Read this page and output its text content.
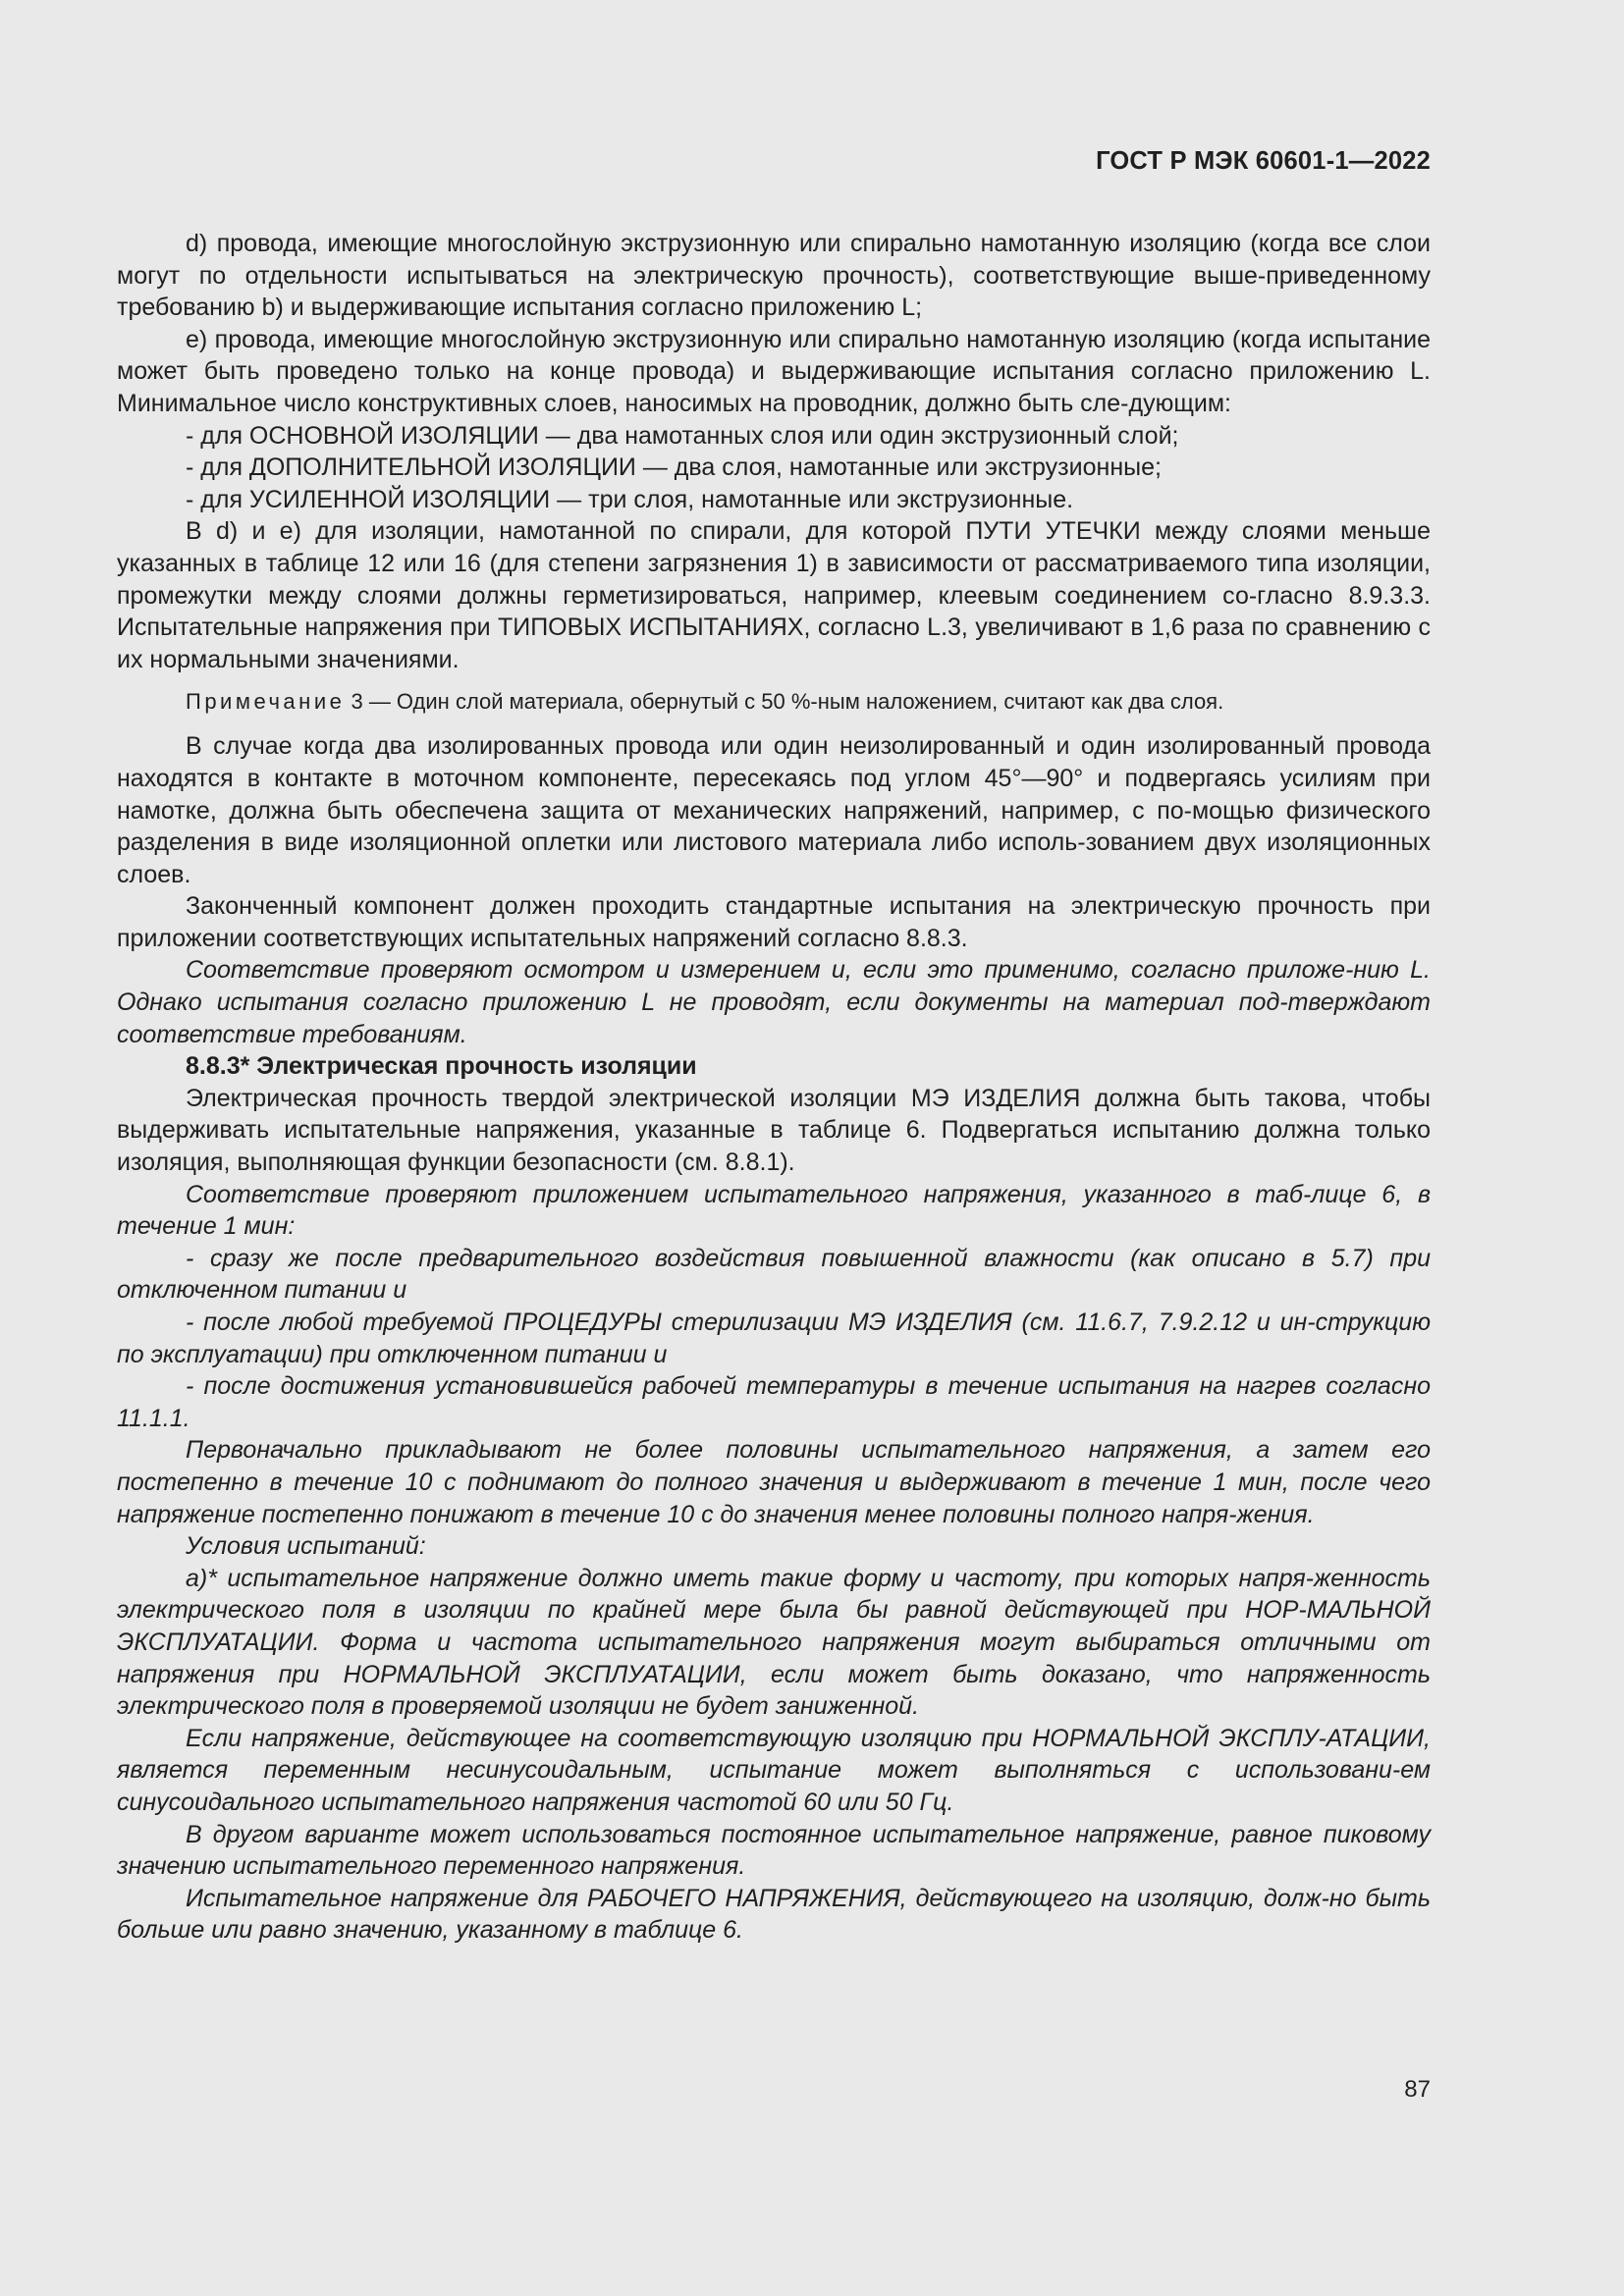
ГОСТ Р МЭК 60601-1—2022

d) провода, имеющие многослойную экструзионную или спирально намотанную изоляцию (когда все слои могут по отдельности испытываться на электрическую прочность), соответствующие выше-приведенному требованию b) и выдерживающие испытания согласно приложению L;

e) провода, имеющие многослойную экструзионную или спирально намотанную изоляцию (когда испытание может быть проведено только на конце провода) и выдерживающие испытания согласно приложению L. Минимальное число конструктивных слоев, наносимых на проводник, должно быть сле-дующим:

- для ОСНОВНОЙ ИЗОЛЯЦИИ — два намотанных слоя или один экструзионный слой;

- для ДОПОЛНИТЕЛЬНОЙ ИЗОЛЯЦИИ — два слоя, намотанные или экструзионные;

- для УСИЛЕННОЙ ИЗОЛЯЦИИ — три слоя, намотанные или экструзионные.

В d) и е) для изоляции, намотанной по спирали, для которой ПУТИ УТЕЧКИ между слоями меньше указанных в таблице 12 или 16 (для степени загрязнения 1) в зависимости от рассматриваемого типа изоляции, промежутки между слоями должны герметизироваться, например, клеевым соединением со-гласно 8.9.3.3. Испытательные напряжения при ТИПОВЫХ ИСПЫТАНИЯХ, согласно L.3, увеличивают в 1,6 раза по сравнению с их нормальными значениями.

Примечание 3 — Один слой материала, обернутый с 50 %-ным наложением, считают как два слоя.

В случае когда два изолированных провода или один неизолированный и один изолированный провода находятся в контакте в моточном компоненте, пересекаясь под углом 45°—90° и подвергаясь усилиям при намотке, должна быть обеспечена защита от механических напряжений, например, с по-мощью физического разделения в виде изоляционной оплетки или листового материала либо исполь-зованием двух изоляционных слоев.

Законченный компонент должен проходить стандартные испытания на электрическую прочность при приложении соответствующих испытательных напряжений согласно 8.8.3.

Соответствие проверяют осмотром и измерением и, если это применимо, согласно приложе-нию L. Однако испытания согласно приложению L не проводят, если документы на материал под-тверждают соответствие требованиям.

8.8.3* Электрическая прочность изоляции

Электрическая прочность твердой электрической изоляции МЭ ИЗДЕЛИЯ должна быть такова, чтобы выдерживать испытательные напряжения, указанные в таблице 6. Подвергаться испытанию должна только изоляция, выполняющая функции безопасности (см. 8.8.1).

Соответствие проверяют приложением испытательного напряжения, указанного в таб-лице 6, в течение 1 мин:

- сразу же после предварительного воздействия повышенной влажности (как описано в 5.7) при отключенном питании и

- после любой требуемой ПРОЦЕДУРЫ стерилизации МЭ ИЗДЕЛИЯ (см. 11.6.7, 7.9.2.12 и ин-струкцию по эксплуатации) при отключенном питании и

- после достижения установившейся рабочей температуры в течение испытания на нагрев согласно 11.1.1.

Первоначально прикладывают не более половины испытательного напряжения, а затем его постепенно в течение 10 с поднимают до полного значения и выдерживают в течение 1 мин, после чего напряжение постепенно понижают в течение 10 с до значения менее половины полного напря-жения.

Условия испытаний:

а)* испытательное напряжение должно иметь такие форму и частоту, при которых напря-женность электрического поля в изоляции по крайней мере была бы равной действующей при НОР-МАЛЬНОЙ ЭКСПЛУАТАЦИИ. Форма и частота испытательного напряжения могут выбираться отличными от напряжения при НОРМАЛЬНОЙ ЭКСПЛУАТАЦИИ, если может быть доказано, что напряженность электрического поля в проверяемой изоляции не будет заниженной.

Если напряжение, действующее на соответствующую изоляцию при НОРМАЛЬНОЙ ЭКСПЛУ-АТАЦИИ, является переменным несинусоидальным, испытание может выполняться с использовани-ем синусоидального испытательного напряжения частотой 60 или 50 Гц.

В другом варианте может использоваться постоянное испытательное напряжение, равное пиковому значению испытательного переменного напряжения.

Испытательное напряжение для РАБОЧЕГО НАПРЯЖЕНИЯ, действующего на изоляцию, долж-но быть больше или равно значению, указанному в таблице 6.

87
